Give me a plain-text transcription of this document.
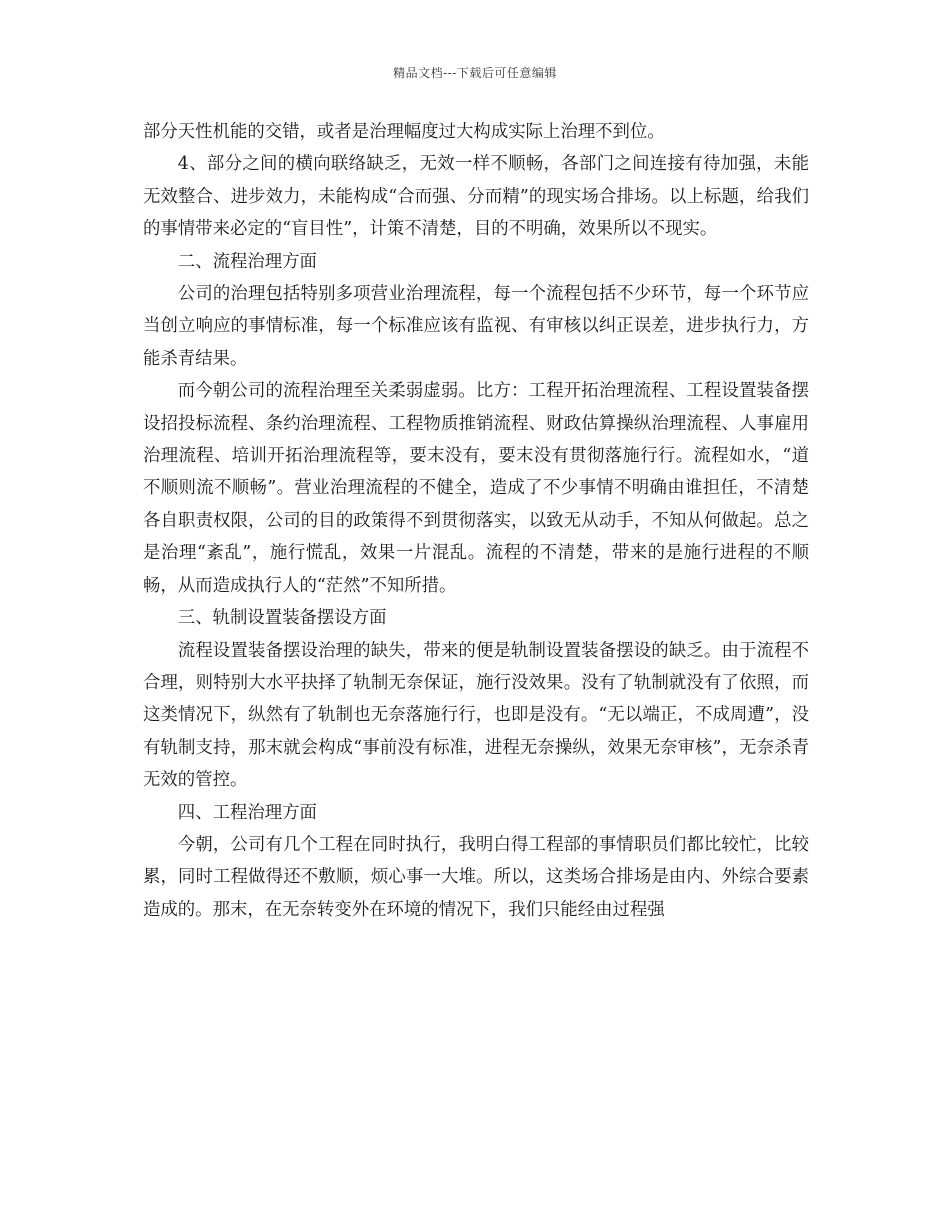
精品文档---下载后可任意编辑

部分天性机能的交错，或者是治理幅度过大构成实际上治理不到位。

4、部分之间的横向联络缺乏，无效一样不顺畅，各部门之间连接有待加强，未能无效整合、进步效力，未能构成“合而强、分而精”的现实场合排场。以上标题，给我们的事情带来必定的“盲目性”，计策不清楚，目的不明确，效果所以不现实。

二、流程治理方面

公司的治理包括特别多项营业治理流程，每一个流程包括不少环节，每一个环节应当创立响应的事情标准，每一个标准应该有监视、有审核以纠正误差，进步执行力，方能杀青结果。

而今朝公司的流程治理至关柔弱虚弱。比方：工程开拓治理流程、工程设置装备摆设招投标流程、条约治理流程、工程物质推销流程、财政估算操纵治理流程、人事雇用治理流程、培训开拓治理流程等，要末没有，要末没有贯彻落施行行。流程如水，“道不顺则流不顺畅”。营业治理流程的不健全，造成了不少事情不明确由谁担任，不清楚各自职责权限，公司的目的政策得不到贯彻落实，以致无从动手，不知从何做起。总之是治理“紊乱”，施行慌乱，效果一片混乱。流程的不清楚，带来的是施行进程的不顺畅，从而造成执行人的“茫然”不知所措。

三、轨制设置装备摆设方面

流程设置装备摆设治理的缺失，带来的便是轨制设置装备摆设的缺乏。由于流程不合理，则特别大水平抉择了轨制无奈保证，施行没效果。没有了轨制就没有了依照，而这类情况下，纵然有了轨制也无奈落施行行，也即是没有。“无以端正，不成周遭”，没有轨制支持，那末就会构成“事前没有标准，进程无奈操纵，效果无奈审核”，无奈杀青无效的管控。

四、工程治理方面

今朝，公司有几个工程在同时执行，我明白得工程部的事情职员们都比较忙，比较累，同时工程做得还不敷顺，烦心事一大堆。所以，这类场合排场是由内、外综合要素造成的。那末，在无奈转变外在环境的情况下，我们只能经由过程强
